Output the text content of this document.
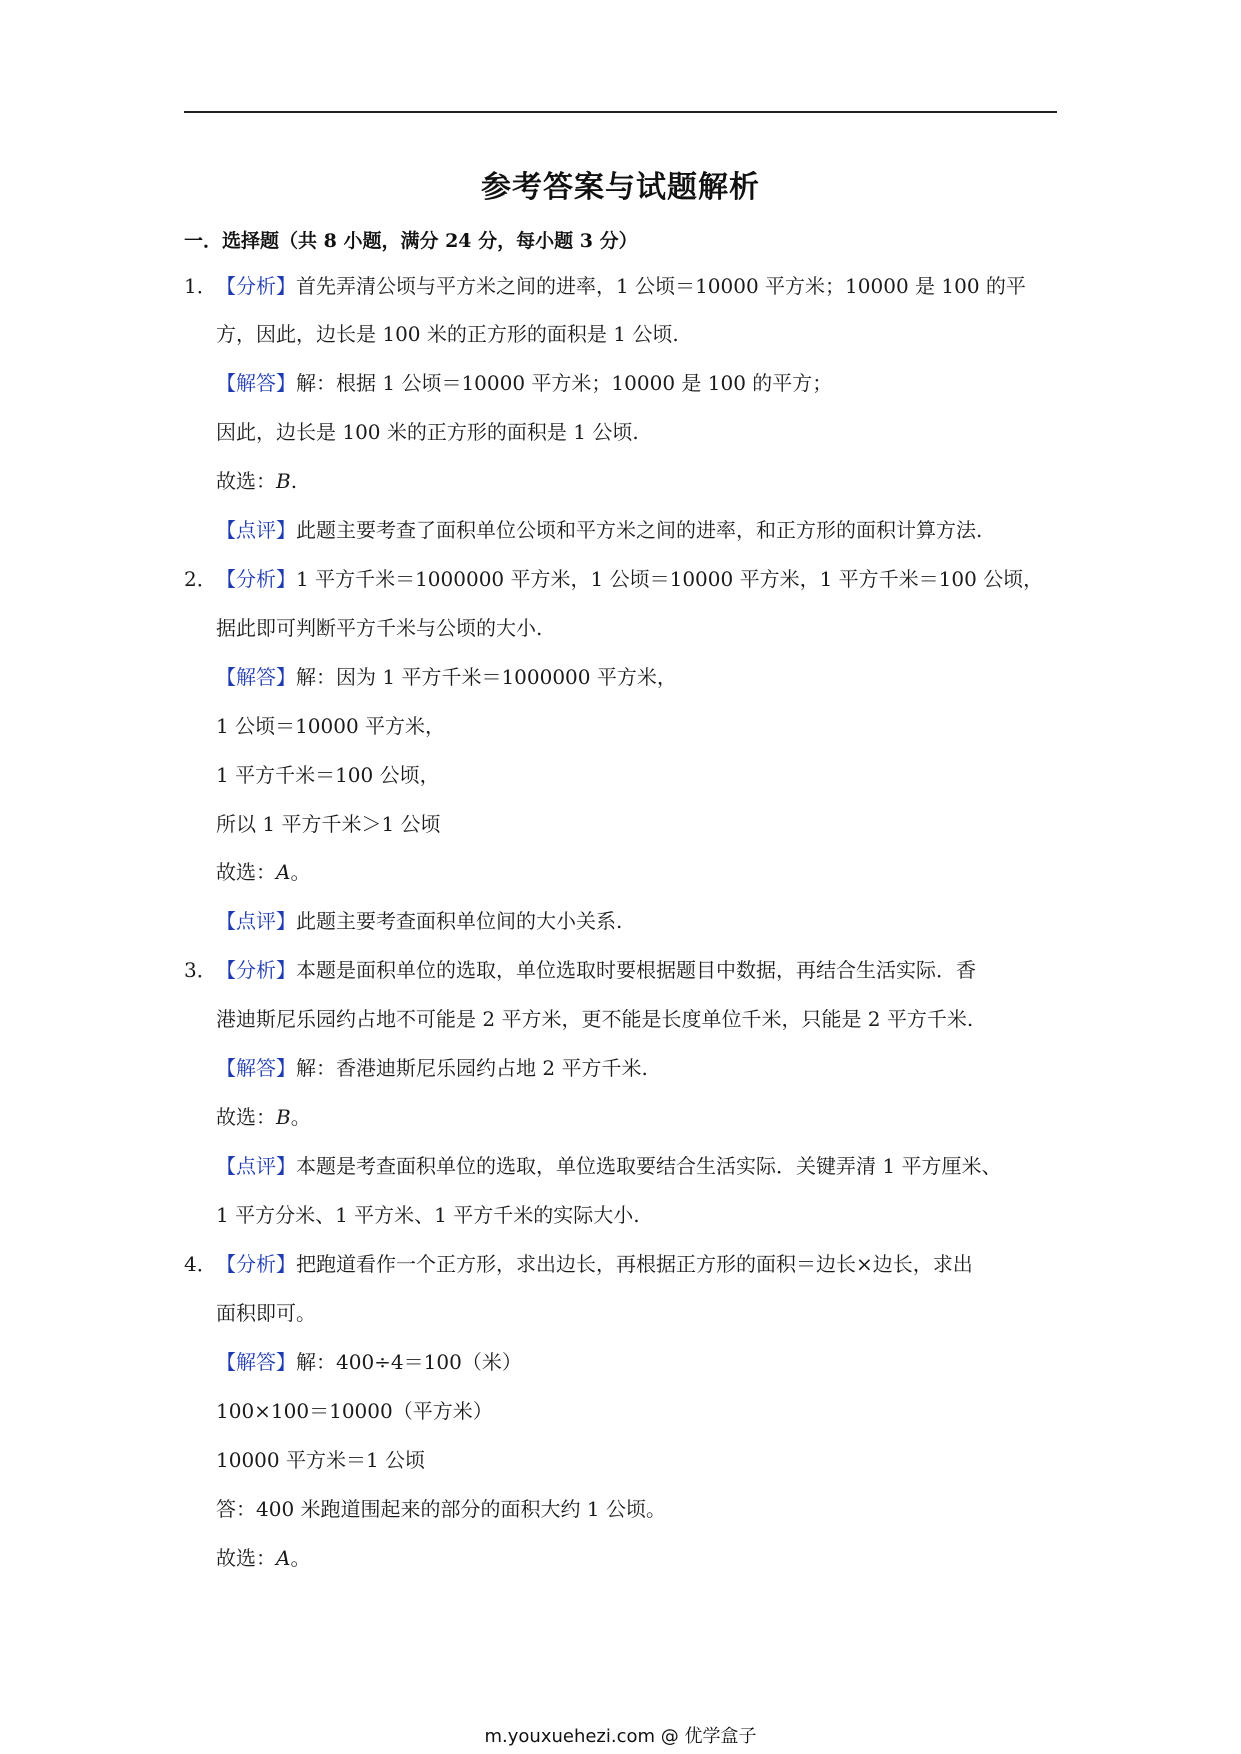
参考答案与试题解析
一．选择题（共 8 小题，满分 24 分，每小题 3 分）
1． 【分析】首先弄清公顷与平方米之间的进率，1 公顷＝10000 平方米；10000 是 100 的平
方，因此，边长是 100 米的正方形的面积是 1 公顷.
【解答】解：根据 1 公顷＝10000 平方米；10000 是 100 的平方；
因此，边长是 100 米的正方形的面积是 1 公顷.
故选：B.
【点评】此题主要考查了面积单位公顷和平方米之间的进率，和正方形的面积计算方法.
2． 【分析】1 平方千米＝1000000 平方米，1 公顷＝10000 平方米，1 平方千米＝100 公顷，
据此即可判断平方千米与公顷的大小.
【解答】解：因为 1 平方千米＝1000000 平方米，
1 公顷＝10000 平方米，
1 平方千米＝100 公顷，
所以 1 平方千米＞1 公顷
故选：A。
【点评】此题主要考查面积单位间的大小关系.
3． 【分析】本题是面积单位的选取，单位选取时要根据题目中数据，再结合生活实际．香
港迪斯尼乐园约占地不可能是 2 平方米，更不能是长度单位千米，只能是 2 平方千米.
【解答】解：香港迪斯尼乐园约占地 2 平方千米.
故选：B。
【点评】本题是考查面积单位的选取，单位选取要结合生活实际．关键弄清 1 平方厘米、
1 平方分米、1 平方米、1 平方千米的实际大小.
4． 【分析】把跑道看作一个正方形，求出边长，再根据正方形的面积＝边长×边长，求出
面积即可。
【解答】解：400÷4＝100（米）
100×100＝10000（平方米）
10000 平方米＝1 公顷
答：400 米跑道围起来的部分的面积大约 1 公顷。
故选：A。
m.youxuehezi.com @ 优学盒子
